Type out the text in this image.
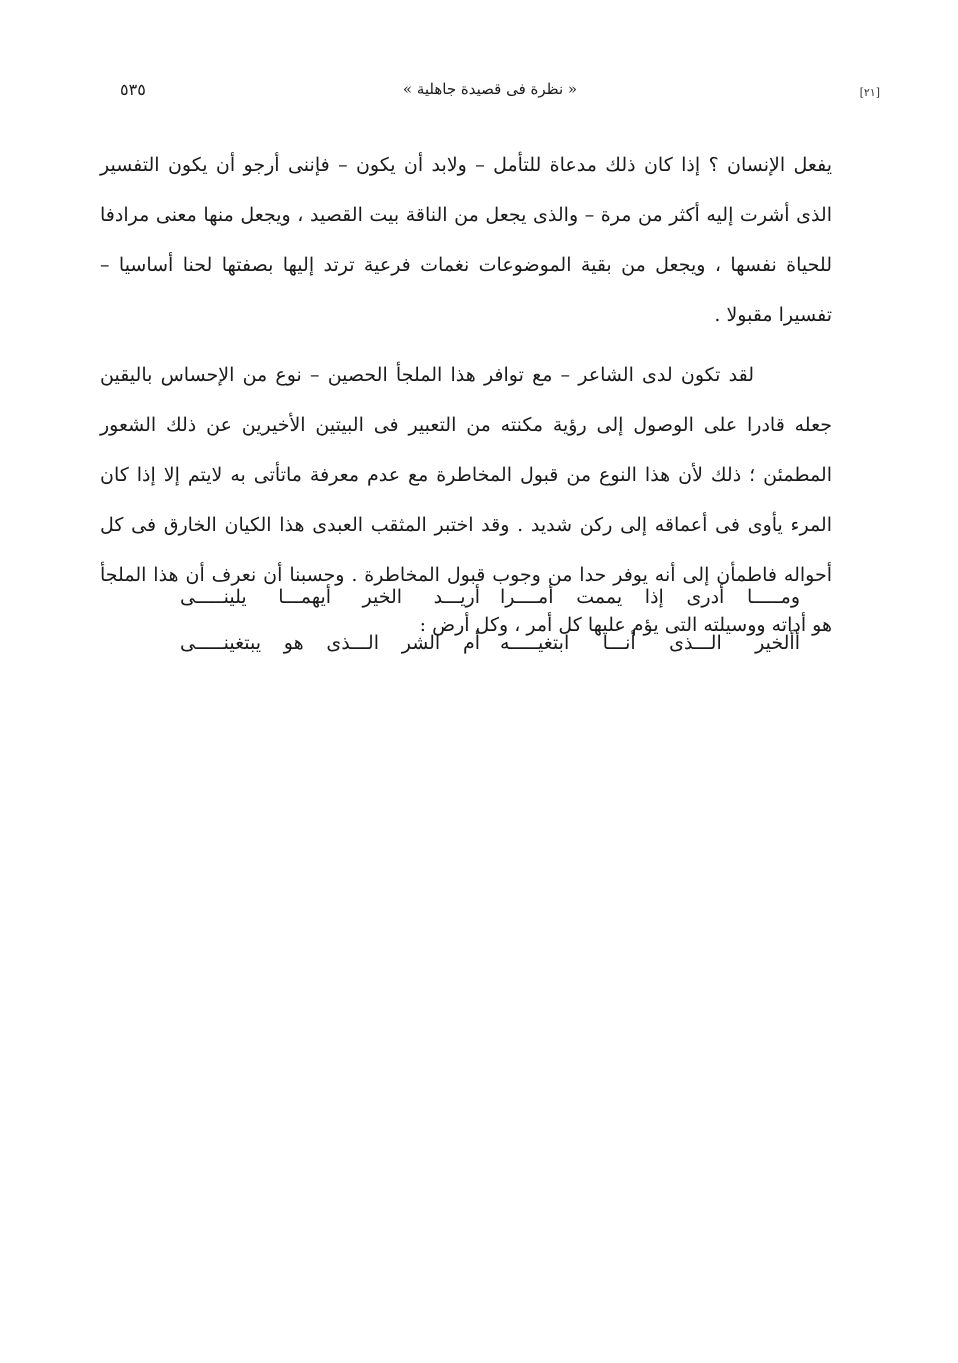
[٢١]
« نظرة فى قصيدة جاهلية »
٥٣٥

يفعل الإنسان ؟ إذا كان ذلك مدعاة للتأمل – ولابد أن يكون – فإننى أرجو أن يكون التفسير الذى أشرت إليه أكثر من مرة – والذى يجعل من الناقة بيت القصيد ، ويجعل منها معنى مرادفا للحياة نفسها ، ويجعل من بقية الموضوعات نغمات فرعية ترتد إليها بصفتها لحنا أساسيا – تفسيرا مقبولا .

لقد تكون لدى الشاعر – مع توافر هذا الملجأ الحصين – نوع من الإحساس باليقين جعله قادرا على الوصول إلى رؤية مكنته من التعبير فى البيتين الأخيرين عن ذلك الشعور المطمئن ؛ ذلك لأن هذا النوع من قبول المخاطرة مع عدم معرفة ماتأتى به لايتم إلا إذا كان المرء يأوى فى أعماقه إلى ركن شديد . وقد اختبر المثقب العبدى هذا الكيان الخارق فى كل أحواله فاطمأن إلى أنه يوفر حدا من وجوب قبول المخاطرة . وحسبنا أن نعرف أن هذا الملجأ هو أداته ووسيلته التى يؤم عليها كل أمر ، وكل أرض :

ومـــــا أدرى إذا يممت أمــــرا
أريـــد الخير أيهمـــا يلينـــــى
أألخير الـــذى أنـــا ابتغيـــــه
أم الشر الـــذى هو يبتغينـــــى
